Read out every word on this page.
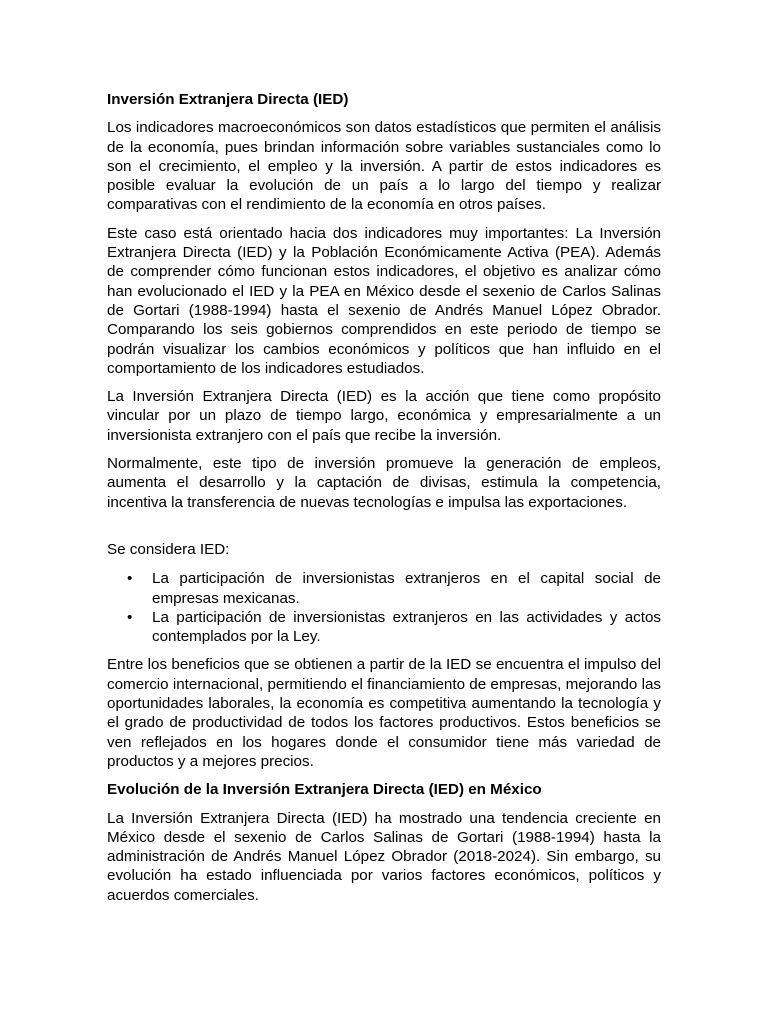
Inversión Extranjera Directa (IED)

Los indicadores macroeconómicos son datos estadísticos que permiten el análisis de la economía, pues brindan información sobre variables sustanciales como lo son el crecimiento, el empleo y la inversión. A partir de estos indicadores es posible evaluar la evolución de un país a lo largo del tiempo y realizar comparativas con el rendimiento de la economía en otros países.

Este caso está orientado hacia dos indicadores muy importantes: La Inversión Extranjera Directa (IED) y la Población Económicamente Activa (PEA). Además de comprender cómo funcionan estos indicadores, el objetivo es analizar cómo han evolucionado el IED y la PEA en México desde el sexenio de Carlos Salinas de Gortari (1988-1994) hasta el sexenio de Andrés Manuel López Obrador. Comparando los seis gobiernos comprendidos en este periodo de tiempo se podrán visualizar los cambios económicos y políticos que han influido en el comportamiento de los indicadores estudiados.

La Inversión Extranjera Directa (IED) es la acción que tiene como propósito vincular por un plazo de tiempo largo, económica y empresarialmente a un inversionista extranjero con el país que recibe la inversión.

Normalmente, este tipo de inversión promueve la generación de empleos, aumenta el desarrollo y la captación de divisas, estimula la competencia, incentiva la transferencia de nuevas tecnologías e impulsa las exportaciones.

Se considera IED:

• La participación de inversionistas extranjeros en el capital social de empresas mexicanas.
• La participación de inversionistas extranjeros en las actividades y actos contemplados por la Ley.

Entre los beneficios que se obtienen a partir de la IED se encuentra el impulso del comercio internacional, permitiendo el financiamiento de empresas, mejorando las oportunidades laborales, la economía es competitiva aumentando la tecnología y el grado de productividad de todos los factores productivos. Estos beneficios se ven reflejados en los hogares donde el consumidor tiene más variedad de productos y a mejores precios.

Evolución de la Inversión Extranjera Directa (IED) en México

La Inversión Extranjera Directa (IED) ha mostrado una tendencia creciente en México desde el sexenio de Carlos Salinas de Gortari (1988-1994) hasta la administración de Andrés Manuel López Obrador (2018-2024). Sin embargo, su evolución ha estado influenciada por varios factores económicos, políticos y acuerdos comerciales.
